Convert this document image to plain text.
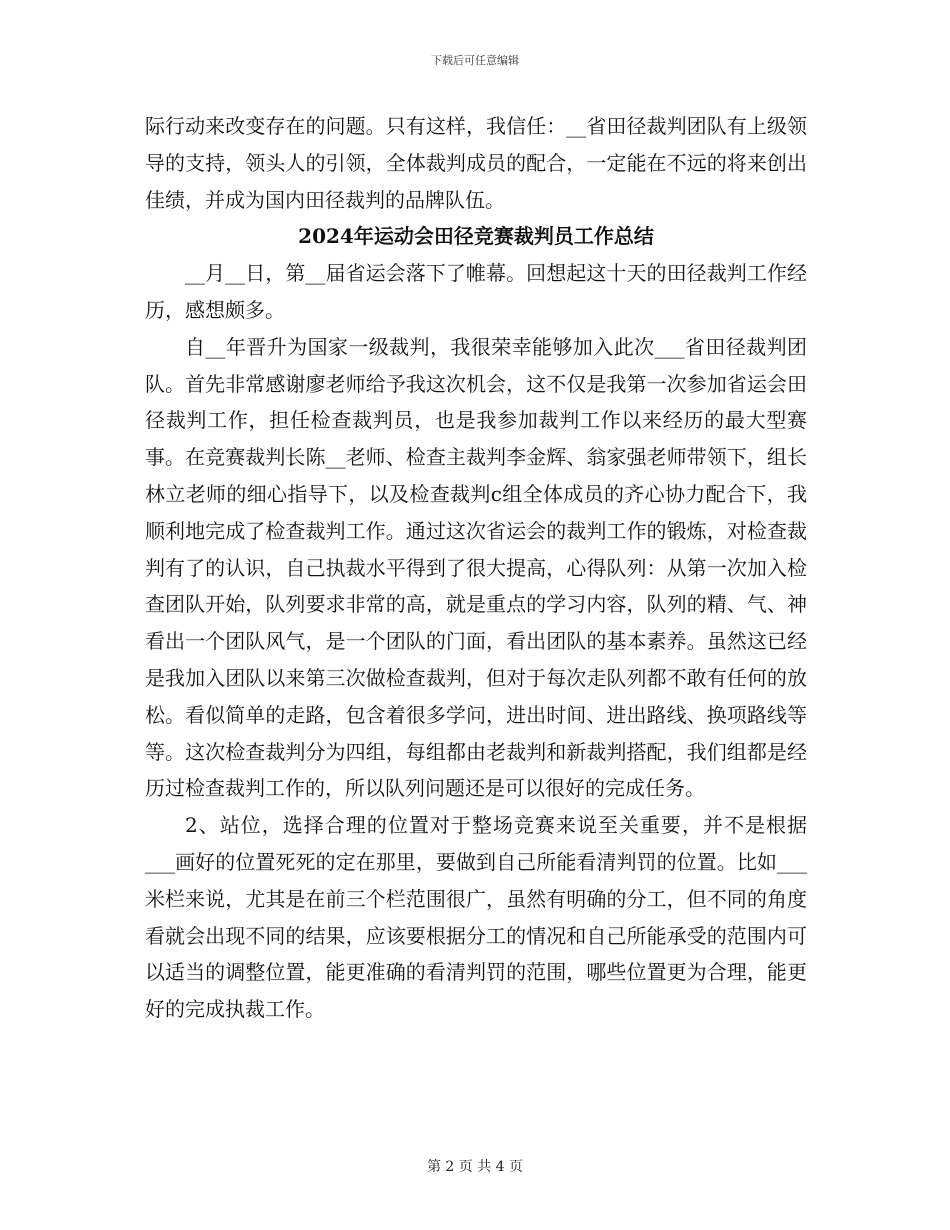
下载后可任意编辑

际行动来改变存在的问题。只有这样，我信任：__省田径裁判团队有上级领导的支持，领头人的引领，全体裁判成员的配合，一定能在不远的将来创出佳绩，并成为国内田径裁判的品牌队伍。

2024年运动会田径竞赛裁判员工作总结

__月__日，第__届省运会落下了帷幕。回想起这十天的田径裁判工作经历，感想颇多。

自__年晋升为国家一级裁判，我很荣幸能够加入此次___省田径裁判团队。首先非常感谢廖老师给予我这次机会，这不仅是我第一次参加省运会田径裁判工作，担任检查裁判员，也是我参加裁判工作以来经历的最大型赛事。在竞赛裁判长陈__老师、检查主裁判李金辉、翁家强老师带领下，组长林立老师的细心指导下，以及检查裁判c组全体成员的齐心协力配合下，我顺利地完成了检查裁判工作。通过这次省运会的裁判工作的锻炼，对检查裁判有了的认识，自己执裁水平得到了很大提高，心得队列：从第一次加入检查团队开始，队列要求非常的高，就是重点的学习内容，队列的精、气、神看出一个团队风气，是一个团队的门面，看出团队的基本素养。虽然这已经是我加入团队以来第三次做检查裁判，但对于每次走队列都不敢有任何的放松。看似简单的走路，包含着很多学问，进出时间、进出路线、换项路线等等。这次检查裁判分为四组，每组都由老裁判和新裁判搭配，我们组都是经历过检查裁判工作的，所以队列问题还是可以很好的完成任务。

2、站位，选择合理的位置对于整场竞赛来说至关重要，并不是根据___画好的位置死死的定在那里，要做到自己所能看清判罚的位置。比如___米栏来说，尤其是在前三个栏范围很广，虽然有明确的分工，但不同的角度看就会出现不同的结果，应该要根据分工的情况和自己所能承受的范围内可以适当的调整位置，能更准确的看清判罚的范围，哪些位置更为合理，能更好的完成执裁工作。

第 2 页 共 4 页
